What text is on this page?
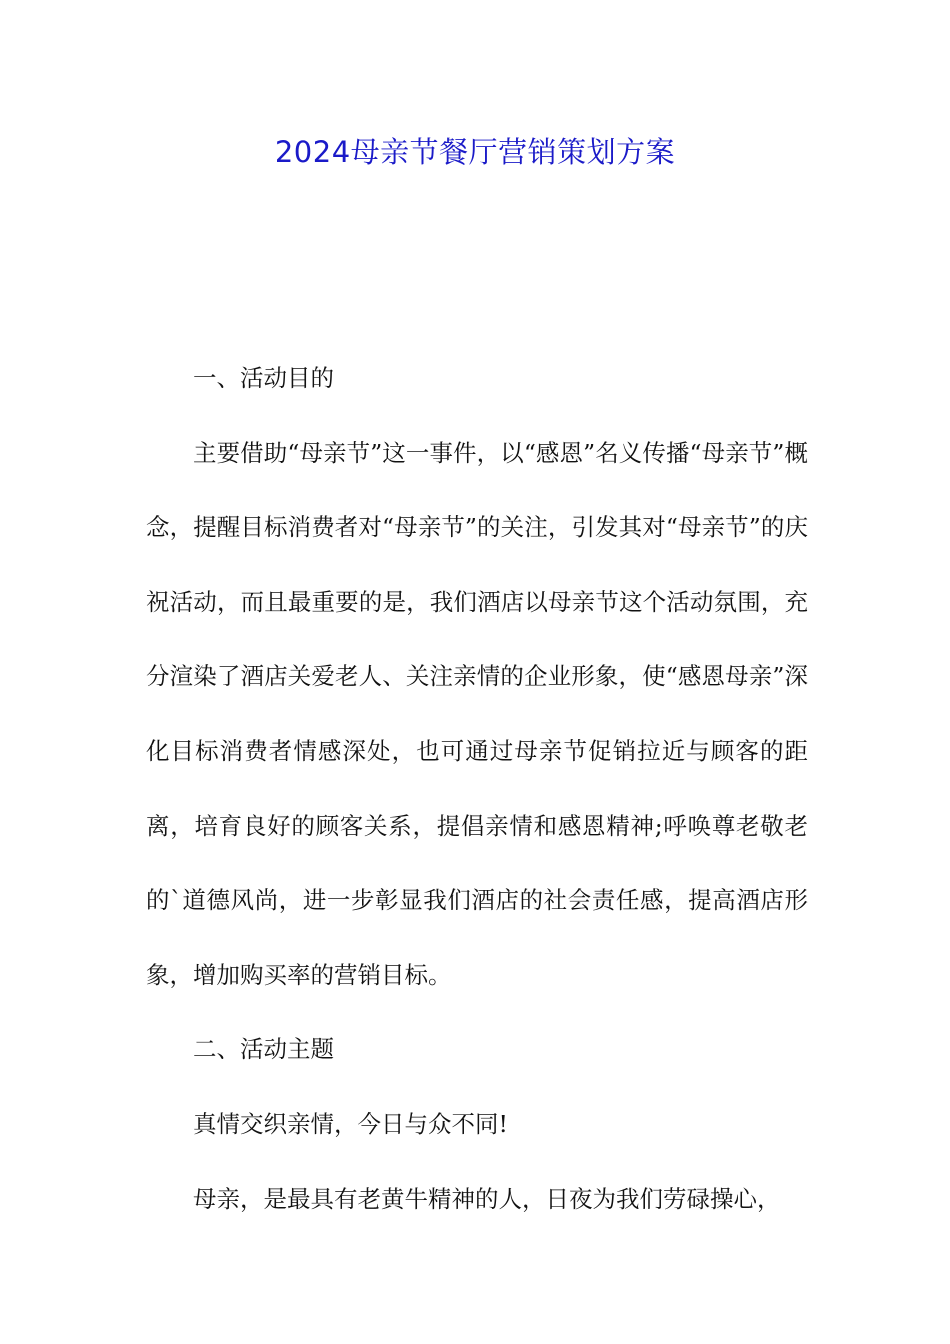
2024母亲节餐厅营销策划方案

一、活动目的

主要借助“母亲节”这一事件，以“感恩”名义传播“母亲节”概念，提醒目标消费者对“母亲节”的关注，引发其对“母亲节”的庆祝活动，而且最重要的是，我们酒店以母亲节这个活动氛围，充分渲染了酒店关爱老人、关注亲情的企业形象，使“感恩母亲”深化目标消费者情感深处，也可通过母亲节促销拉近与顾客的距离，培育良好的顾客关系，提倡亲情和感恩精神;呼唤尊老敬老的`道德风尚，进一步彰显我们酒店的社会责任感，提高酒店形象，增加购买率的营销目标。

二、活动主题

真情交织亲情，今日与众不同!

母亲，是最具有老黄牛精神的人，日夜为我们劳碌操心，
